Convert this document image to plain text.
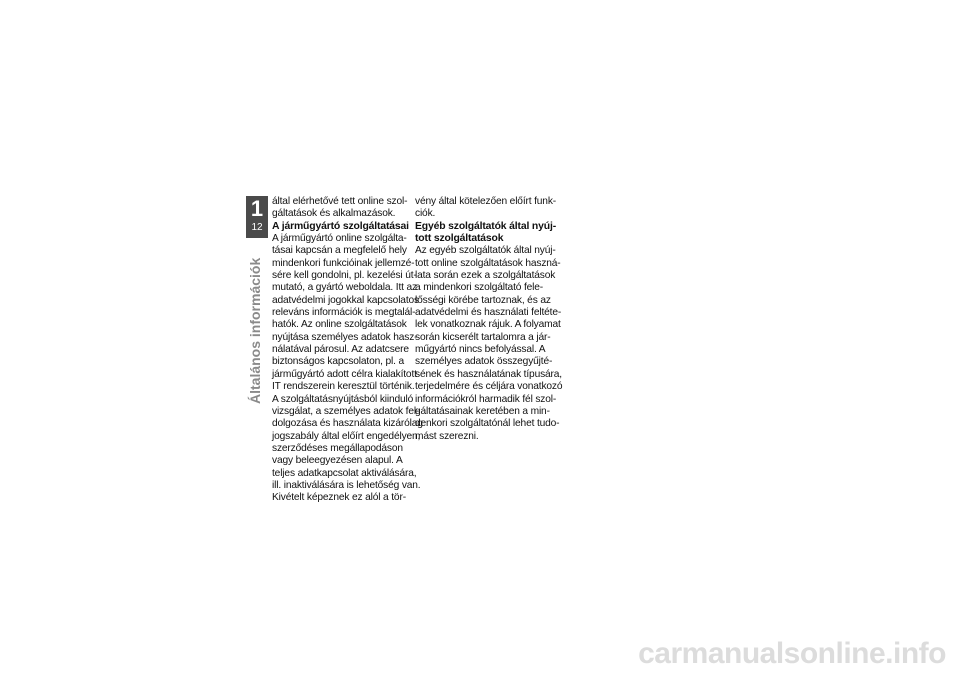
1
12
Általános információk
által elérhetővé tett online szol-
gáltatások és alkalmazások.
A járműgyártó szolgáltatásai
A járműgyártó online szolgálta-
tásai kapcsán a megfelelő hely
mindenkori funkcióinak jellemzé-
sére kell gondolni, pl. kezelési út-
mutató, a gyártó weboldala. Itt az
adatvédelmi jogokkal kapcsolatos
releváns információk is megtalál-
hatók. Az online szolgáltatások
nyújtása személyes adatok hasz-
nálatával párosul. Az adatcsere
biztonságos kapcsolaton, pl. a
járműgyártó adott célra kialakított
IT rendszerein keresztül történik.
A szolgáltatásnyújtásból kiinduló
vizsgálat, a személyes adatok fel-
dolgozása és használata kizárólag
jogszabály által előírt engedélyen,
szerződéses megállapodáson
vagy beleegyezésen alapul. A
teljes adatkapcsolat aktiválására,
ill. inaktiválására is lehetőség van.
Kivételt képeznek ez alól a tör-
vény által kötelezően előírt funk-
ciók.
Egyéb szolgáltatók által nyúj-
tott szolgáltatások
Az egyéb szolgáltatók által nyúj-
tott online szolgáltatások haszná-
lata során ezek a szolgáltatások
a mindenkori szolgáltató fele-
lősségi körébe tartoznak, és az
adatvédelmi és használati feltéte-
lek vonatkoznak rájuk. A folyamat
során kicserélt tartalomra a jár-
műgyártó nincs befolyással. A
személyes adatok összegyűjté-
sének és használatának típusára,
terjedelmére és céljára vonatkozó
információkról harmadik fél szol-
gáltatásainak keretében a min-
denkori szolgáltatónál lehet tudo-
mást szerezni.
carmanualsonline.info
